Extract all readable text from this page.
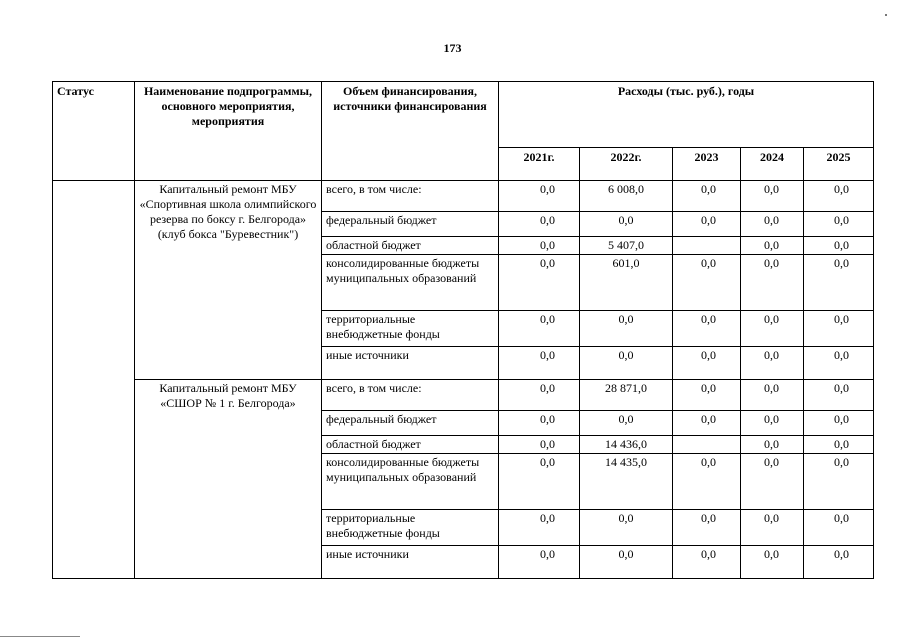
173
Статус	Наименование подпрограммы, основного мероприятия, мероприятия	Объем финансирования, источники финансирования	Расходы (тыс. руб.), годы				
			2021г.	2022г.	2023	2024	2025
	Капитальный ремонт МБУ «Спортивная школа олимпийского резерва по боксу г. Белгорода» (клуб бокса "Буревестник")	всего, в том числе:	0,0	6 008,0	0,0	0,0	0,0
		федеральный бюджет	0,0	0,0	0,0	0,0	0,0
		областной бюджет	0,0	5 407,0		0,0	0,0
		консолидированные бюджеты муниципальных образований	0,0	601,0	0,0	0,0	0,0
		территориальные внебюджетные фонды	0,0	0,0	0,0	0,0	0,0
		иные источники	0,0	0,0	0,0	0,0	0,0
	Капитальный ремонт МБУ «СШОР № 1 г. Белгорода»	всего, в том числе:	0,0	28 871,0	0,0	0,0	0,0
		федеральный бюджет	0,0	0,0	0,0	0,0	0,0
		областной бюджет	0,0	14 436,0		0,0	0,0
		консолидированные бюджеты муниципальных образований	0,0	14 435,0	0,0	0,0	0,0
		территориальные внебюджетные фонды	0,0	0,0	0,0	0,0	0,0
		иные источники	0,0	0,0	0,0	0,0	0,0
